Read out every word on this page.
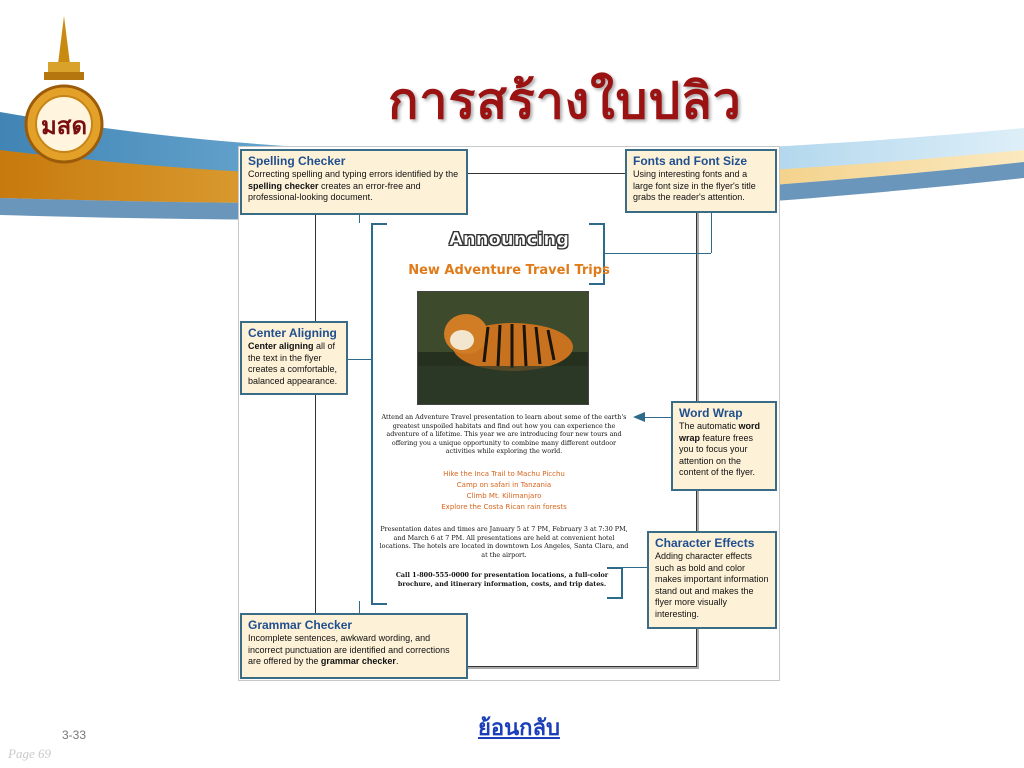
มสด	การสร้างใบปลิว
Announcing
New Adventure Travel Trips
Attend an Adventure Travel presentation to learn about some of the earth's greatest unspoiled habitats and find out how you can experience the adventure of a lifetime. This year we are introducing four new tours and offering you a unique opportunity to combine many different outdoor activities while exploring the world.
Hike the Inca Trail to Machu Picchu
Camp on safari in Tanzania
Climb Mt. Kilimanjaro
Explore the Costa Rican rain forests
Presentation dates and times are January 5 at 7 PM, February 3 at 7:30 PM, and March 6 at 7 PM. All presentations are held at convenient hotel locations. The hotels are located in downtown Los Angeles, Santa Clara, and at the airport.
Call 1-800-555-0000 for presentation locations, a full-color brochure, and itinerary information, costs, and trip dates.
Spelling Checker
Correcting spelling and typing errors identified by the spelling checker creates an error-free and professional-looking document.
Fonts and Font Size
Using interesting fonts and a large font size in the flyer's title grabs the reader's attention.
Center Aligning
Center aligning all of the text in the flyer creates a comfortable, balanced appearance.
Word Wrap
The automatic word wrap feature frees you to focus your attention on the content of the flyer.
Character Effects
Adding character effects such as bold and color makes important information stand out and makes the flyer more visually interesting.
Grammar Checker
Incomplete sentences, awkward wording, and incorrect punctuation are identified and corrections are offered by the grammar checker.
ย้อนกลับ
3-33
Page 69
